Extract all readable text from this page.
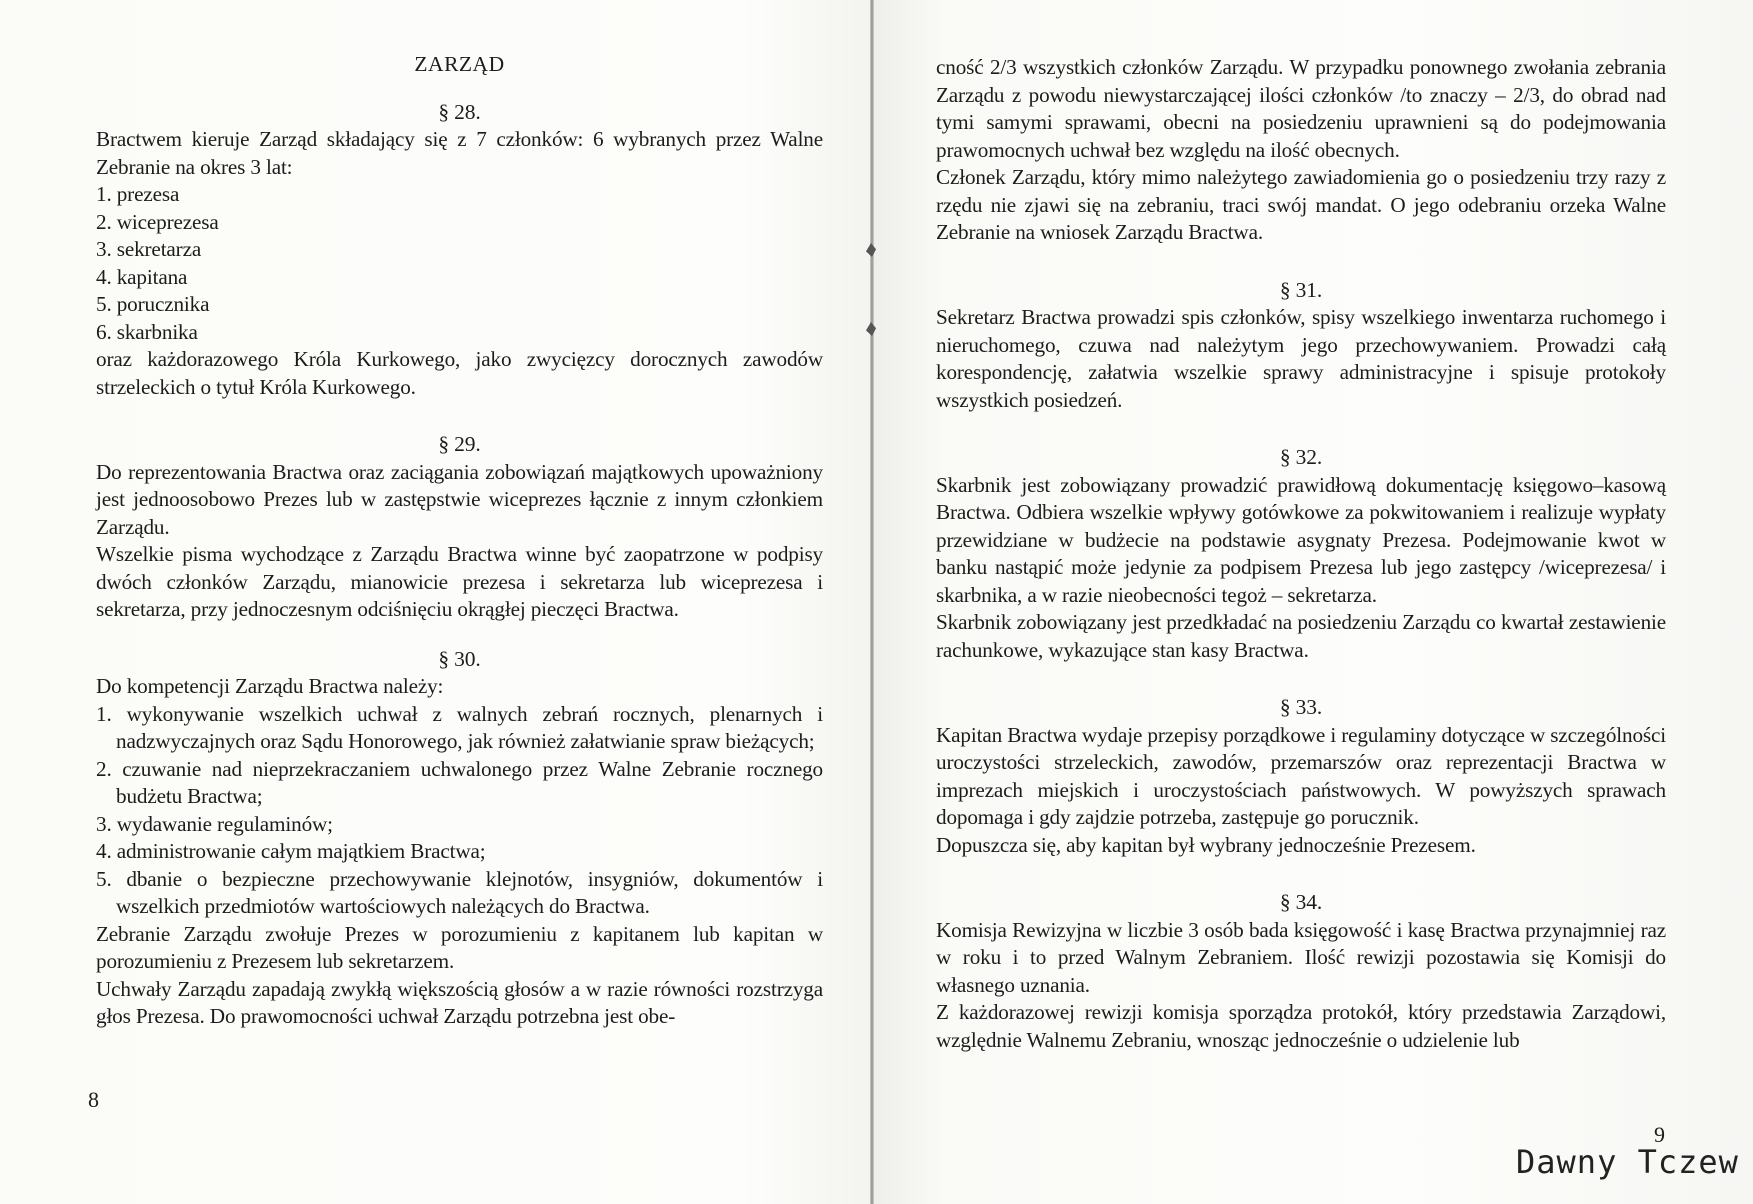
ZARZĄD
§ 28.

Bractwem kieruje Zarząd składający się z 7 członków: 6 wybranych przez Walne Zebranie na okres 3 lat:

1. prezesa
2. wiceprezesa
3. sekretarza
4. kapitana
5. porucznika
6. skarbnika

oraz każdorazowego Króla Kurkowego, jako zwycięzcy dorocznych zawodów strzeleckich o tytuł Króla Kurkowego.

§ 29.

Do reprezentowania Bractwa oraz zaciągania zobowiązań majątkowych upoważniony jest jednoosobowo Prezes lub w zastępstwie wiceprezes łącznie z innym członkiem Zarządu.

Wszelkie pisma wychodzące z Zarządu Bractwa winne być zaopatrzone w podpisy dwóch członków Zarządu, mianowicie prezesa i sekretarza lub wiceprezesa i sekretarza, przy jednoczesnym odciśnięciu okrągłej pieczęci Bractwa.

§ 30.

Do kompetencji Zarządu Bractwa należy:

1. wykonywanie wszelkich uchwał z walnych zebrań rocznych, plenarnych i nadzwyczajnych oraz Sądu Honorowego, jak również załatwianie spraw bieżących;
2. czuwanie nad nieprzekraczaniem uchwalonego przez Walne Zebranie rocznego budżetu Bractwa;
3. wydawanie regulaminów;
4. administrowanie całym majątkiem Bractwa;
5. dbanie o bezpieczne przechowywanie klejnotów, insygniów, dokumentów i wszelkich przedmiotów wartościowych należących do Bractwa.

Zebranie Zarządu zwołuje Prezes w porozumieniu z kapitanem lub kapitan w porozumieniu z Prezesem lub sekretarzem.

Uchwały Zarządu zapadają zwykłą większością głosów a w razie równości rozstrzyga głos Prezesa. Do prawomocności uchwał Zarządu potrzebna jest obe-

8

cność 2/3 wszystkich członków Zarządu. W przypadku ponownego zwołania zebrania Zarządu z powodu niewystarczającej ilości członków /to znaczy – 2/3, do obrad nad tymi samymi sprawami, obecni na posiedzeniu uprawnieni są do podejmowania prawomocnych uchwał bez względu na ilość obecnych.

Członek Zarządu, który mimo należytego zawiadomienia go o posiedzeniu trzy razy z rzędu nie zjawi się na zebraniu, traci swój mandat. O jego odebraniu orzeka Walne Zebranie na wniosek Zarządu Bractwa.

§ 31.

Sekretarz Bractwa prowadzi spis członków, spisy wszelkiego inwentarza ruchomego i nieruchomego, czuwa nad należytym jego przechowywaniem. Prowadzi całą korespondencję, załatwia wszelkie sprawy administracyjne i spisuje protokoły wszystkich posiedzeń.

§ 32.

Skarbnik jest zobowiązany prowadzić prawidłową dokumentację księgowo–kasową Bractwa. Odbiera wszelkie wpływy gotówkowe za pokwitowaniem i realizuje wypłaty przewidziane w budżecie na podstawie asygnaty Prezesa. Podejmowanie kwot w banku nastąpić może jedynie za podpisem Prezesa lub jego zastępcy /wiceprezesa/ i skarbnika, a w razie nieobecności tegoż – sekretarza.

Skarbnik zobowiązany jest przedkładać na posiedzeniu Zarządu co kwartał zestawienie rachunkowe, wykazujące stan kasy Bractwa.

§ 33.

Kapitan Bractwa wydaje przepisy porządkowe i regulaminy dotyczące w szczególności uroczystości strzeleckich, zawodów, przemarszów oraz reprezentacji Bractwa w imprezach miejskich i uroczystościach państwowych. W powyższych sprawach dopomaga i gdy zajdzie potrzeba, zastępuje go porucznik.

Dopuszcza się, aby kapitan był wybrany jednocześnie Prezesem.

§ 34.

Komisja Rewizyjna w liczbie 3 osób bada księgowość i kasę Bractwa przynajmniej raz w roku i to przed Walnym Zebraniem. Ilość rewizji pozostawia się Komisji do własnego uznania.

Z każdorazowej rewizji komisja sporządza protokół, który przedstawia Zarządowi, względnie Walnemu Zebraniu, wnosząc jednocześnie o udzielenie lub

9
Dawny Tczew
